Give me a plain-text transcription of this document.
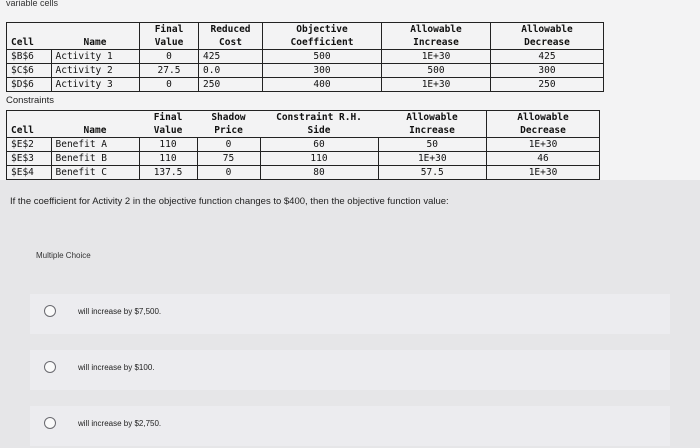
variable cells
		Final	Reduced	Objective	Allowable	Allowable
Cell	Name	Value	Cost	Coefficient	Increase	Decrease
$B$6	Activity 1	0	425	500	1E+30	425
$C$6	Activity 2	27.5	0.0	300	500	300
$D$6	Activity 3	0	250	400	1E+30	250
Constraints
		Final	Shadow	Constraint R.H.	Allowable	Allowable
Cell	Name	Value	Price	Side	Increase	Decrease
$E$2	Benefit A	110	0	60	50	1E+30
$E$3	Benefit B	110	75	110	1E+30	46
$E$4	Benefit C	137.5	0	80	57.5	1E+30
If the coefficient for Activity 2 in the objective function changes to $400, then the objective function value:
Multiple Choice
will increase by $7,500.
will increase by $100.
will increase by $2,750.
